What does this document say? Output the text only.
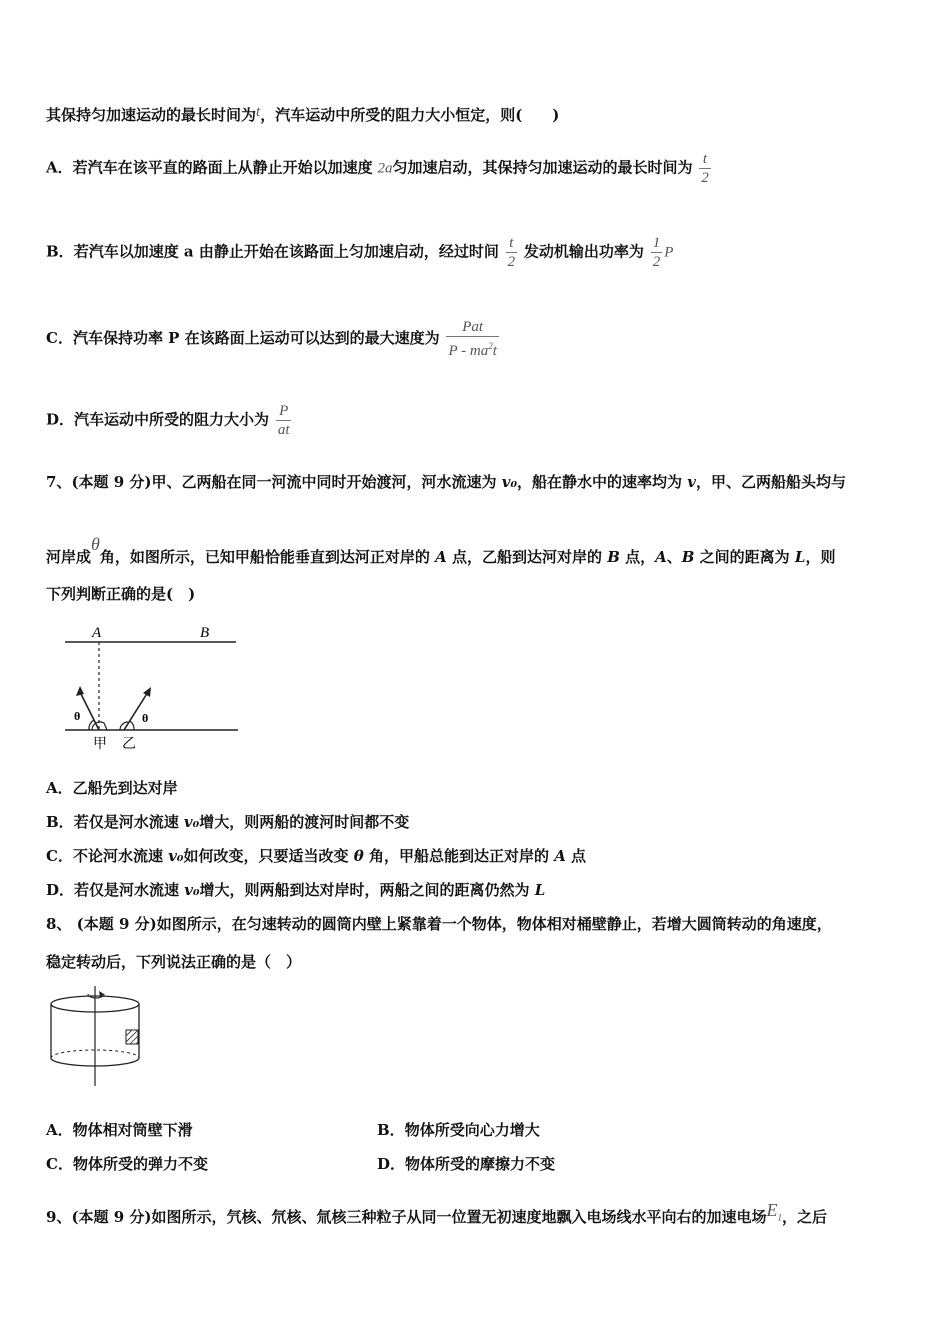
其保持匀加速运动的最长时间为t，汽车运动中所受的阻力大小恒定，则(　　)
A．若汽车在该平直的路面上从静止开始以加速度 2a匀加速启动，其保持匀加速运动的最长时间为 $\frac{t}{2}$
B．若汽车以加速度 a 由静止开始在该路面上匀加速启动，经过时间 $\frac{t}{2}$ 发动机输出功率为 $\frac{1}{2}$ P
C．汽车保持功率 P 在该路面上运动可以达到的最大速度为 $\frac{\text{Pat}}{P - ma^2t}$
D．汽车运动中所受的阻力大小为 $\frac{P}{at}$
7、(本题 9 分)甲、乙两船在同一河流中同时开始渡河，河水流速为 v₀，船在静水中的速率均为 v，甲、乙两船船头均与
河岸成θ角，如图所示，已知甲船恰能垂直到达河正对岸的 A 点，乙船到达河对岸的 B 点，A、B 之间的距离为 L，则
下列判断正确的是(　)
A	B
θ	θ
甲 乙
A．乙船先到达对岸
B．若仅是河水流速 v₀增大，则两船的渡河时间都不变
C．不论河水流速 v₀如何改变，只要适当改变 θ 角，甲船总能到达正对岸的 A 点
D．若仅是河水流速 v₀增大，则两船到达对岸时，两船之间的距离仍然为 L
8、 (本题 9 分)如图所示，在匀速转动的圆筒内壁上紧靠着一个物体，物体相对桶壁静止，若增大圆筒转动的角速度，
稳定转动后，下列说法正确的是（　）
A．物体相对筒壁下滑	B．物体所受向心力增大
C．物体所受的弹力不变	D．物体所受的摩擦力不变
9、(本题 9 分)如图所示，氕核、氘核、氚核三种粒子从同一位置无初速度地飘入电场线水平向右的加速电场$E_1$，之后
